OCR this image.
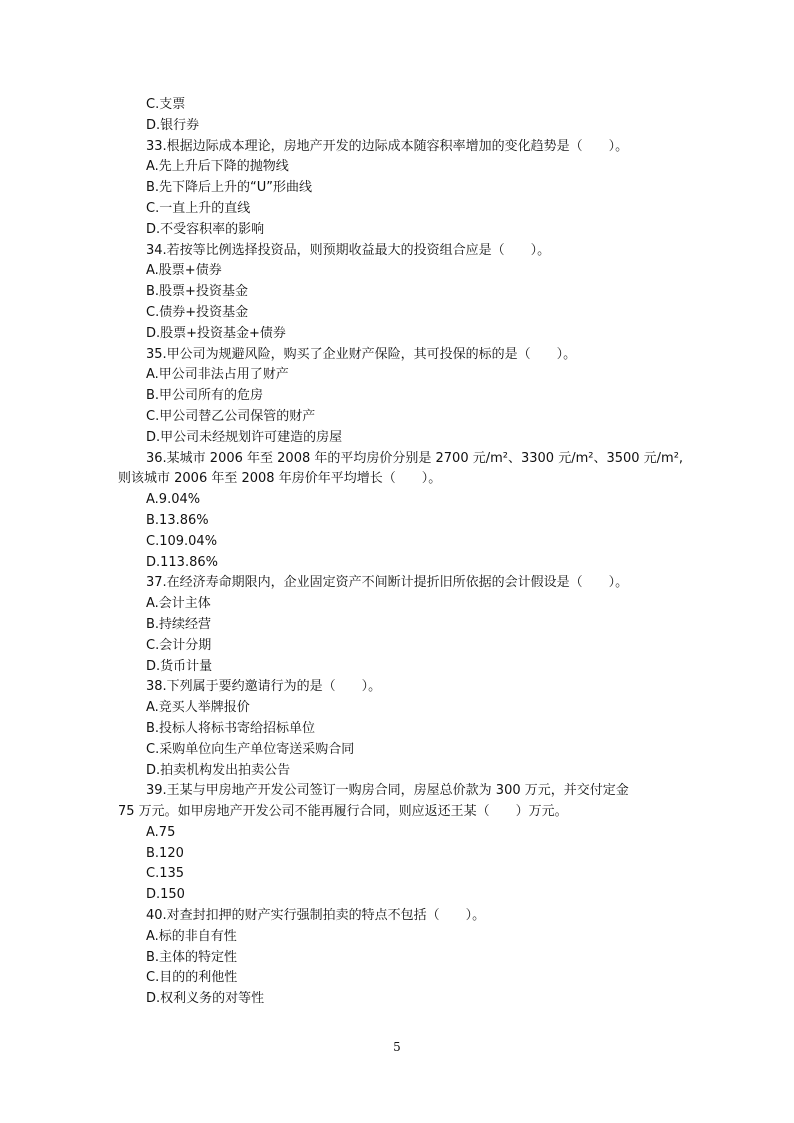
C.支票
D.银行券
33.根据边际成本理论，房地产开发的边际成本随容积率增加的变化趋势是（　　）。
A.先上升后下降的抛物线
B.先下降后上升的“U”形曲线
C.一直上升的直线
D.不受容积率的影响
34.若按等比例选择投资品，则预期收益最大的投资组合应是（　　）。
A.股票+债券
B.股票+投资基金
C.债券+投资基金
D.股票+投资基金+债券
35.甲公司为规避风险，购买了企业财产保险，其可投保的标的是（　　）。
A.甲公司非法占用了财产
B.甲公司所有的危房
C.甲公司替乙公司保管的财产
D.甲公司未经规划许可建造的房屋
36.某城市 2006 年至 2008 年的平均房价分别是 2700 元/m²、3300 元/m²、3500 元/m²,
则该城市 2006 年至 2008 年房价年平均增长（　　）。
A.9.04%
B.13.86%
C.109.04%
D.113.86%
37.在经济寿命期限内，企业固定资产不间断计提折旧所依据的会计假设是（　　）。
A.会计主体
B.持续经营
C.会计分期
D.货币计量
38.下列属于要约邀请行为的是（　　）。
A.竞买人举牌报价
B.投标人将标书寄给招标单位
C.采购单位向生产单位寄送采购合同
D.拍卖机构发出拍卖公告
39.王某与甲房地产开发公司签订一购房合同，房屋总价款为 300 万元，并交付定金
75 万元。如甲房地产开发公司不能再履行合同，则应返还王某（　　）万元。
A.75
B.120
C.135
D.150
40.对查封扣押的财产实行强制拍卖的特点不包括（　　）。
A.标的非自有性
B.主体的特定性
C.目的的利他性
D.权利义务的对等性
5
